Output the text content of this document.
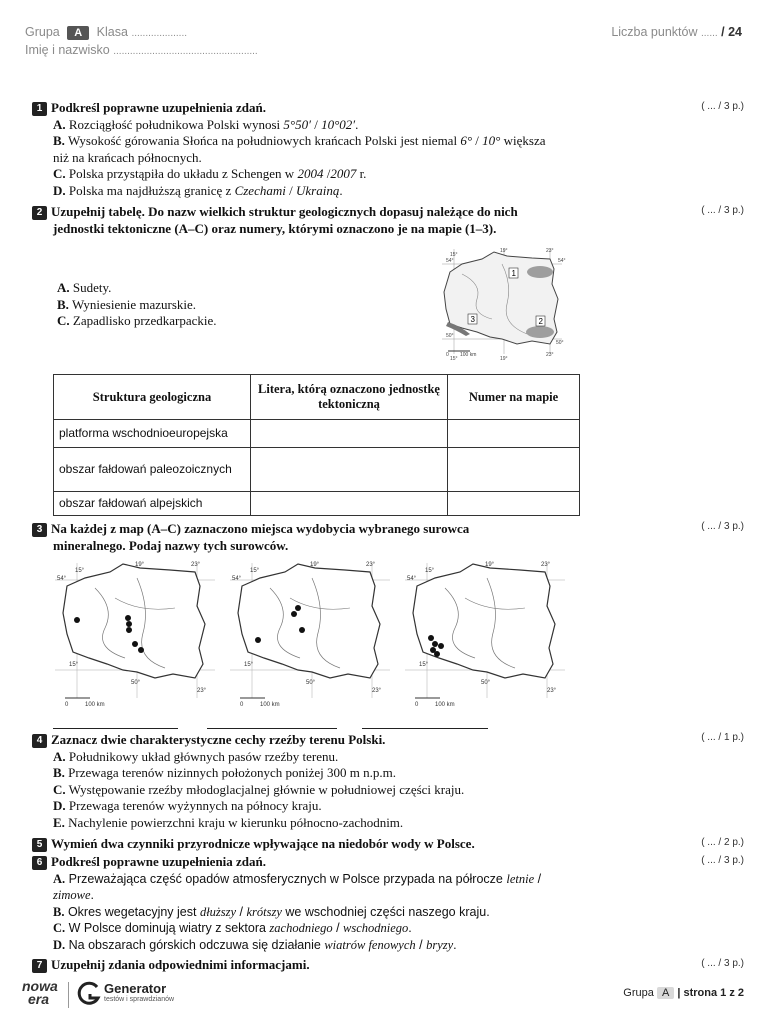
Grupa A Klasa ....................
Imię i nazwisko ....................................................
Liczba punktów ...... / 24
1 Podkreśl poprawne uzupełnienia zdań.
A. Rozciągłość południkowa Polski wynosi 5°50′ / 10°02′.
B. Wysokość górowania Słońca na południowych krańcach Polski jest niemal 6° / 10° większa niż na krańcach północnych.
C. Polska przystąpiła do układu z Schengen w 2004 /2007 r.
D. Polska ma najdłuższą granicę z Czechami / Ukrainą.
( ... / 3 p.)
2 Uzupełnij tabelę. Do nazw wielkich struktur geologicznych dopasuj należące do nich
jednostki tektoniczne (A–C) oraz numery, którymi oznaczono je na mapie (1–3).
( ... / 3 p.)
A. Sudety.
B. Wyniesienie mazurskie.
C. Zapadlisko przedkarpackie.
1
2
3
54°	54°
15°
19°	23°
50°
50°
15°	19°
23°
0 100 km
Struktura geologiczna	Litera, którą oznaczono jednostkę tektoniczną	Numer na mapie
platforma wschodnioeuropejska		
obszar fałdowań paleozoicznych		
obszar fałdowań alpejskich		
3 Na każdej z map (A–C) zaznaczono miejsca wydobycia wybranego surowca
mineralnego. Podaj nazwy tych surowców.
( ... / 3 p.)
54°
15°
19°	23°
15°
50°
23°
0	100 km
54°
15°
19°	23°
15°
50°
23°
0	100 km
54°
15°
19°	23°
15°
50°
23°
0	100 km
4 Zaznacz dwie charakterystyczne cechy rzeźby terenu Polski.
A. Południkowy układ głównych pasów rzeźby terenu.
B. Przewaga terenów nizinnych położonych poniżej 300 m n.p.m.
C. Występowanie rzeźby młodoglacjalnej głównie w południowej części kraju.
D. Przewaga terenów wyżynnych na północy kraju.
E. Nachylenie powierzchni kraju w kierunku północno-zachodnim.
( ... / 1 p.)
5 Wymień dwa czynniki przyrodnicze wpływające na niedobór wody w Polsce.	( ... / 2 p.)
6 Podkreśl poprawne uzupełnienia zdań.
A. Przeważająca część opadów atmosferycznych w Polsce przypada na półrocze letnie / zimowe.
B. Okres wegetacyjny jest dłuższy / krótszy we wschodniej części naszego kraju.
C. W Polsce dominują wiatry z sektora zachodniego / wschodniego.
D. Na obszarach górskich odczuwa się działanie wiatrów fenowych / bryzy.
( ... / 3 p.)
7 Uzupełnij zdania odpowiednimi informacjami.	( ... / 3 p.)
nowa
era
Generator
testów i sprawdzianów
Grupa A | strona 1 z 2
